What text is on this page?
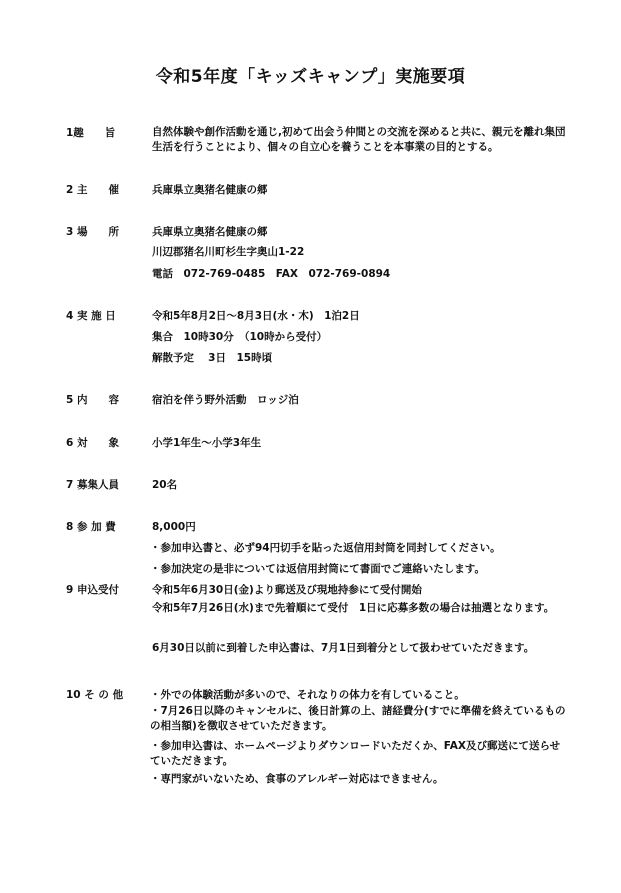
令和5年度「キッズキャンプ」実施要項
1趣　　旨	自然体験や創作活動を通じ,初めて出会う仲間との交流を深めると共に、親元を離れ集団生活を行うことにより、個々の自立心を養うことを本事業の目的とする。
2 主　　催	兵庫県立奥猪名健康の郷
3 場　　所	兵庫県立奥猪名健康の郷
川辺郡猪名川町杉生字奥山1-22
電話　072-769-0485　FAX　072-769-0894
4 実 施 日	令和5年8月2日～8月3日(水・木)　1泊2日
集合　10時30分　（10時から受付）
解散予定　 3日　15時頃
5 内　　容	宿泊を伴う野外活動　ロッジ泊
6 対　　象	小学1年生～小学3年生
7 募集人員	20名
8 参 加 費	8,000円
・参加申込書と、必ず94円切手を貼った返信用封筒を同封してください。
・参加決定の是非については返信用封筒にて書面でご連絡いたします。
9 申込受付	令和5年6月30日(金)より郵送及び現地持参にて受付開始
令和5年7月26日(水)まで先着順にて受付　1日に応募多数の場合は抽選となります。
6月30日以前に到着した申込書は、7月1日到着分として扱わせていただきます。
10 そ の 他	・外での体験活動が多いので、それなりの体力を有していること。
・7月26日以降のキャンセルに、後日計算の上、諸経費分(すでに準備を終えているものの相当額)を徴収させていただきます。
・参加申込書は、ホームページよりダウンロードいただくか、FAX及び郵送にて送らせていただきます。
・専門家がいないため、食事のアレルギー対応はできません。
